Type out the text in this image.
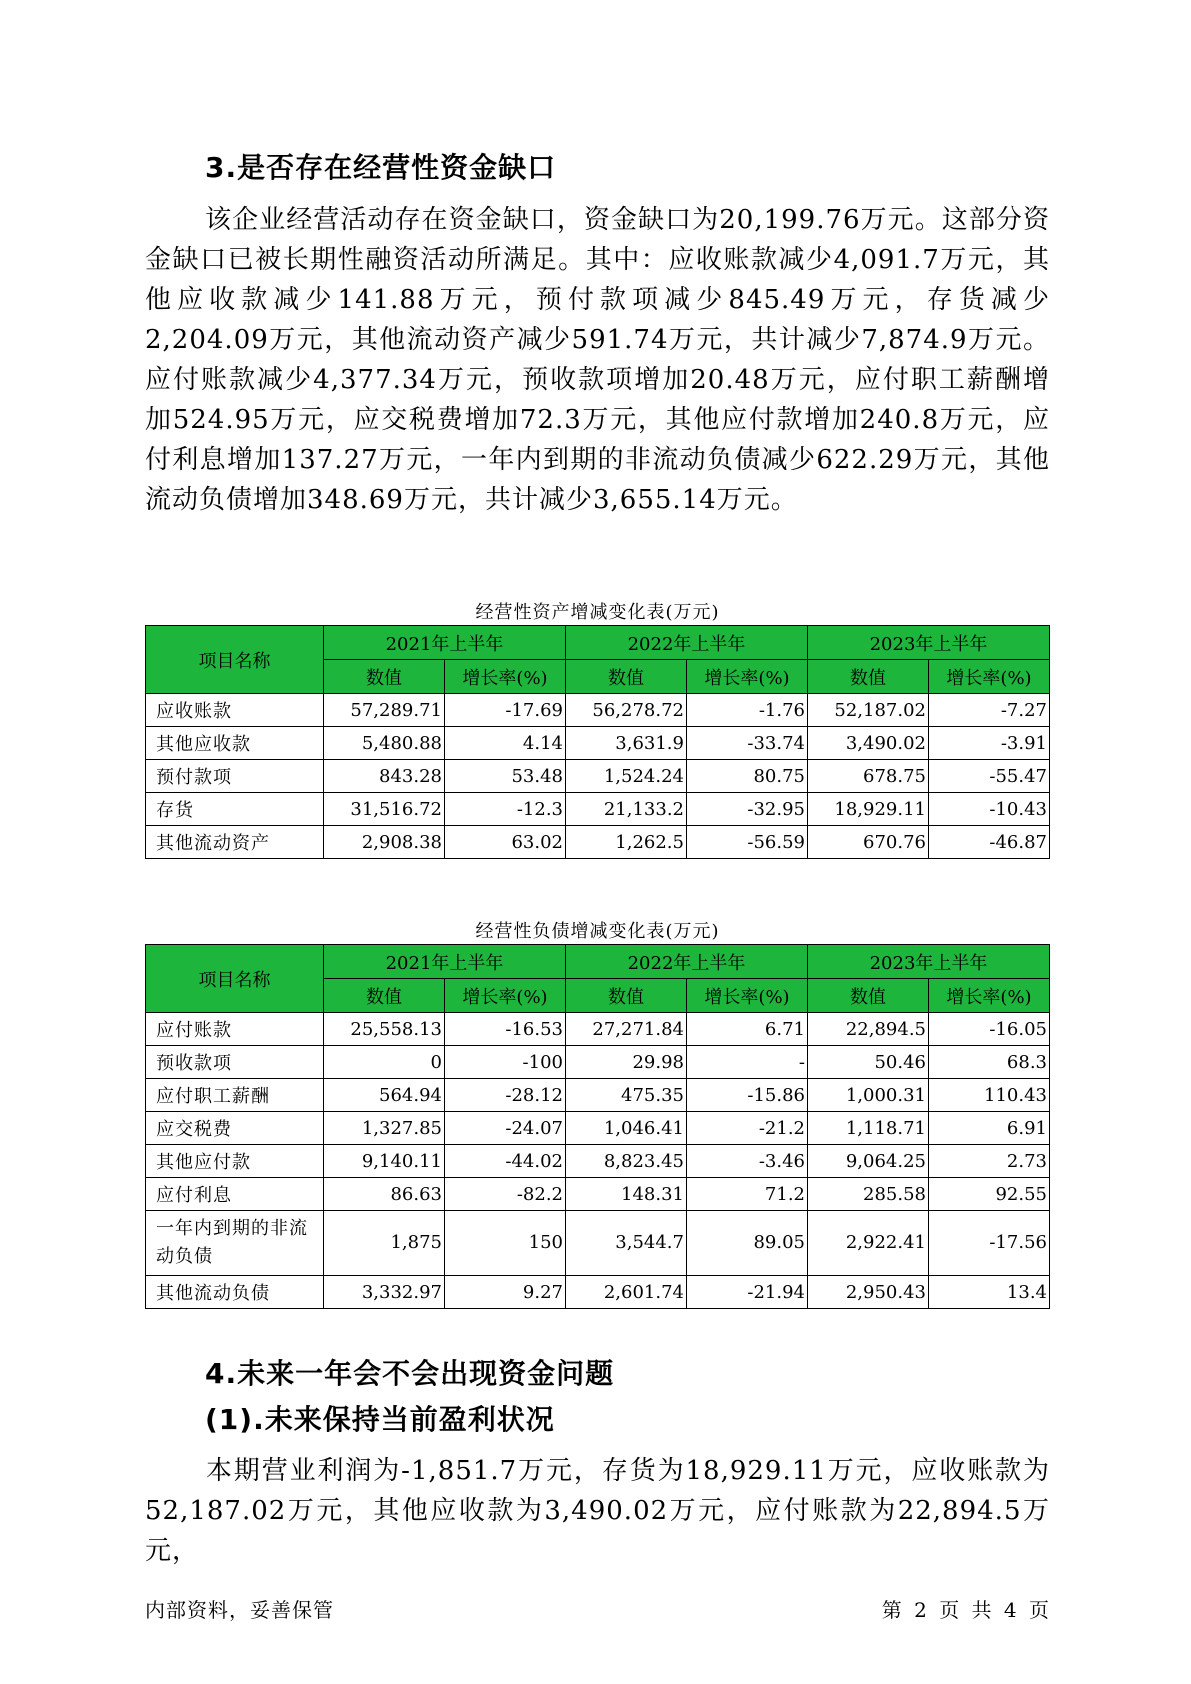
3.是否存在经营性资金缺口

该企业经营活动存在资金缺口，资金缺口为20,199.76万元。这部分资金缺口已被长期性融资活动所满足。其中：应收账款减少4,091.7万元，其他应收款减少141.88万元，预付款项减少845.49万元，存货减少2,204.09万元，其他流动资产减少591.74万元，共计减少7,874.9万元。应付账款减少4,377.34万元，预收款项增加20.48万元，应付职工薪酬增加524.95万元，应交税费增加72.3万元，其他应付款增加240.8万元，应付利息增加137.27万元，一年内到期的非流动负债减少622.29万元，其他流动负债增加348.69万元，共计减少3,655.14万元。

经营性资产增减变化表(万元)
项目名称	2021年上半年		2022年上半年		2023年上半年	
	数值	增长率(%)	数值	增长率(%)	数值	增长率(%)
应收账款	57,289.71	-17.69	56,278.72	-1.76	52,187.02	-7.27
其他应收款	5,480.88	4.14	3,631.9	-33.74	3,490.02	-3.91
预付款项	843.28	53.48	1,524.24	80.75	678.75	-55.47
存货	31,516.72	-12.3	21,133.2	-32.95	18,929.11	-10.43
其他流动资产	2,908.38	63.02	1,262.5	-56.59	670.76	-46.87
经营性负债增减变化表(万元)
项目名称	2021年上半年		2022年上半年		2023年上半年	
	数值	增长率(%)	数值	增长率(%)	数值	增长率(%)
应付账款	25,558.13	-16.53	27,271.84	6.71	22,894.5	-16.05
预收款项	0	-100	29.98	-	50.46	68.3
应付职工薪酬	564.94	-28.12	475.35	-15.86	1,000.31	110.43
应交税费	1,327.85	-24.07	1,046.41	-21.2	1,118.71	6.91
其他应付款	9,140.11	-44.02	8,823.45	-3.46	9,064.25	2.73
应付利息	86.63	-82.2	148.31	71.2	285.58	92.55
一年内到期的非流动负债	1,875	150	3,544.7	89.05	2,922.41	-17.56
其他流动负债	3,332.97	9.27	2,601.74	-21.94	2,950.43	13.4
4.未来一年会不会出现资金问题
(1).未来保持当前盈利状况

本期营业利润为-1,851.7万元，存货为18,929.11万元，应收账款为52,187.02万元，其他应收款为3,490.02万元，应付账款为22,894.5万元，

内部资料，妥善保管	第 2 页 共 4 页
